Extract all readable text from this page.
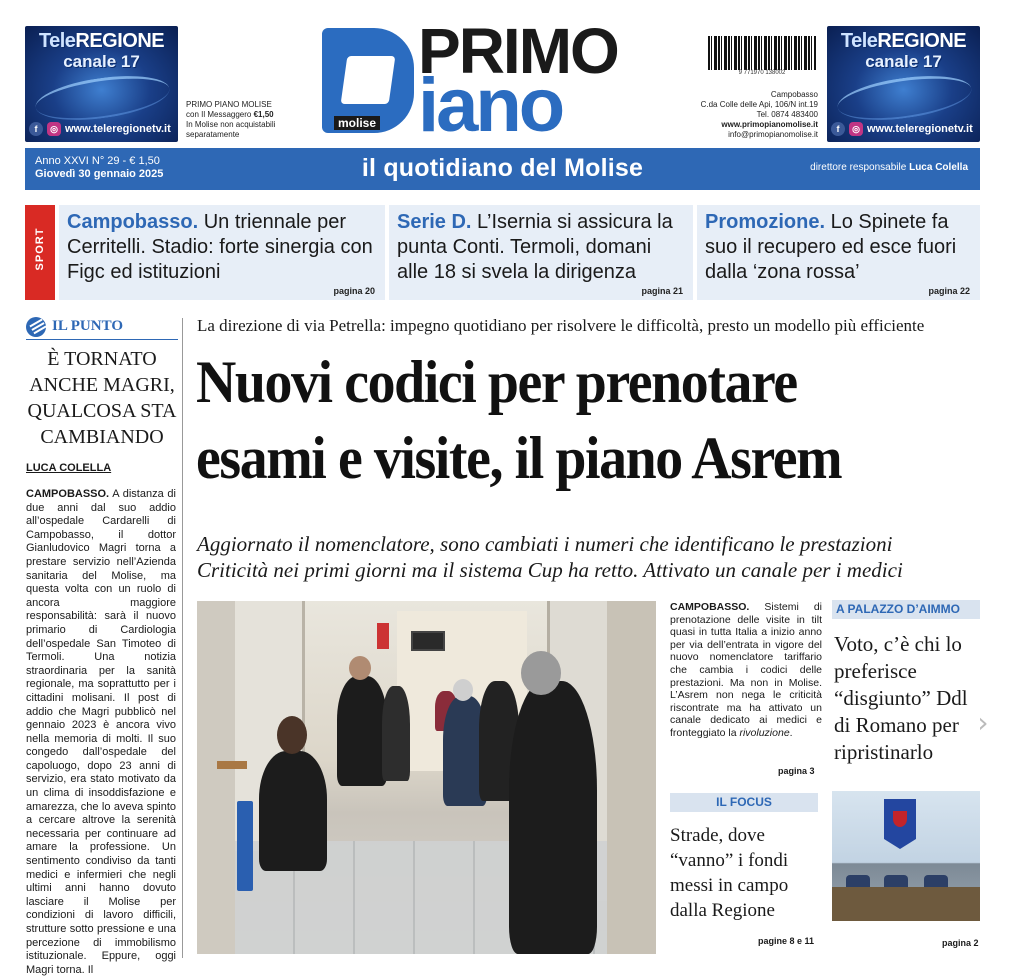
TeleREGIONE
canale 17
f	◎ www.teleregionetv.it
PRIMO PIANO MOLISE
con Il Messaggero €1,50
In Molise non acquistabili
separatamente
PRIMO
iano
molise
9 771970 138002
Campobasso
C.da Colle delle Api, 106/N int.19
Tel. 0874 483400
www.primopianomolise.it
info@primopianomolise.it
TeleREGIONE
canale 17
f	◎ www.teleregionetv.it
Anno XXVI N° 29 - € 1,50
Giovedì 30 gennaio 2025	il quotidiano del Molise	direttore responsabile Luca Colella
SPORT
Campobasso. Un triennale per Cerritelli. Stadio: forte sinergia con Figc ed istituzioni
pagina 20
Serie D. L’Isernia si assicura la punta Conti. Termoli, domani alle 18 si svela la dirigenza
pagina 21
Promozione. Lo Spinete fa suo il recupero ed esce fuori dalla ‘zona rossa’
pagina 22
IL PUNTO
È TORNATO ANCHE MAGRI, QUALCOSA STA CAMBIANDO
LUCA COLELLA
CAMPOBASSO. A distanza di due anni dal suo addio all’ospedale Cardarelli di Campobasso, il dottor Gianludovico Magri torna a prestare servizio nell’Azienda sanitaria del Molise, ma questa volta con un ruolo di ancora maggiore responsabilità: sarà il nuovo primario di Cardiologia dell’ospedale San Timoteo di Termoli. Una notizia straordinaria per la sanità regionale, ma soprattutto per i cittadini molisani. Il post di addio che Magri pubblicò nel gennaio 2023 è ancora vivo nella memoria di molti. Il suo congedo dall’ospedale del capoluogo, dopo 23 anni di servizio, era stato motivato da un clima di insoddisfazione e amarezza, che lo aveva spinto a cercare altrove la serenità necessaria per continuare ad amare la professione. Un sentimento condiviso da tanti medici e infermieri che negli ultimi anni hanno dovuto lasciare il Molise per condizioni di lavoro difficili, strutture sotto pressione e una percezione di immobilismo istituzionale. Eppure, oggi Magri torna. Il
La direzione di via Petrella: impegno quotidiano per risolvere le difficoltà, presto un modello più efficiente
Nuovi codici per prenotare
esami e visite, il piano Asrem
Aggiornato il nomenclatore, sono cambiati i numeri che identificano le prestazioni
Criticità nei primi giorni ma il sistema Cup ha retto. Attivato un canale per i medici
CAMPOBASSO. Sistemi di prenotazione delle visite in tilt quasi in tutta Italia a inizio anno per via dell’entrata in vigore del nuovo nomenclatore tariffario che cambia i codici delle prestazioni. Ma non in Molise. L’Asrem non nega le criticità riscontrate ma ha attivato un canale dedicato ai medici e fronteggiato la rivoluzione.
pagina 3
IL FOCUS
Strade, dove “vanno” i fondi messi in campo dalla Regione
pagine 8 e 11
A PALAZZO D’AIMMO
Voto, c’è chi lo preferisce “disgiunto” Ddl di Romano per ripristinarlo
pagina 2
›
